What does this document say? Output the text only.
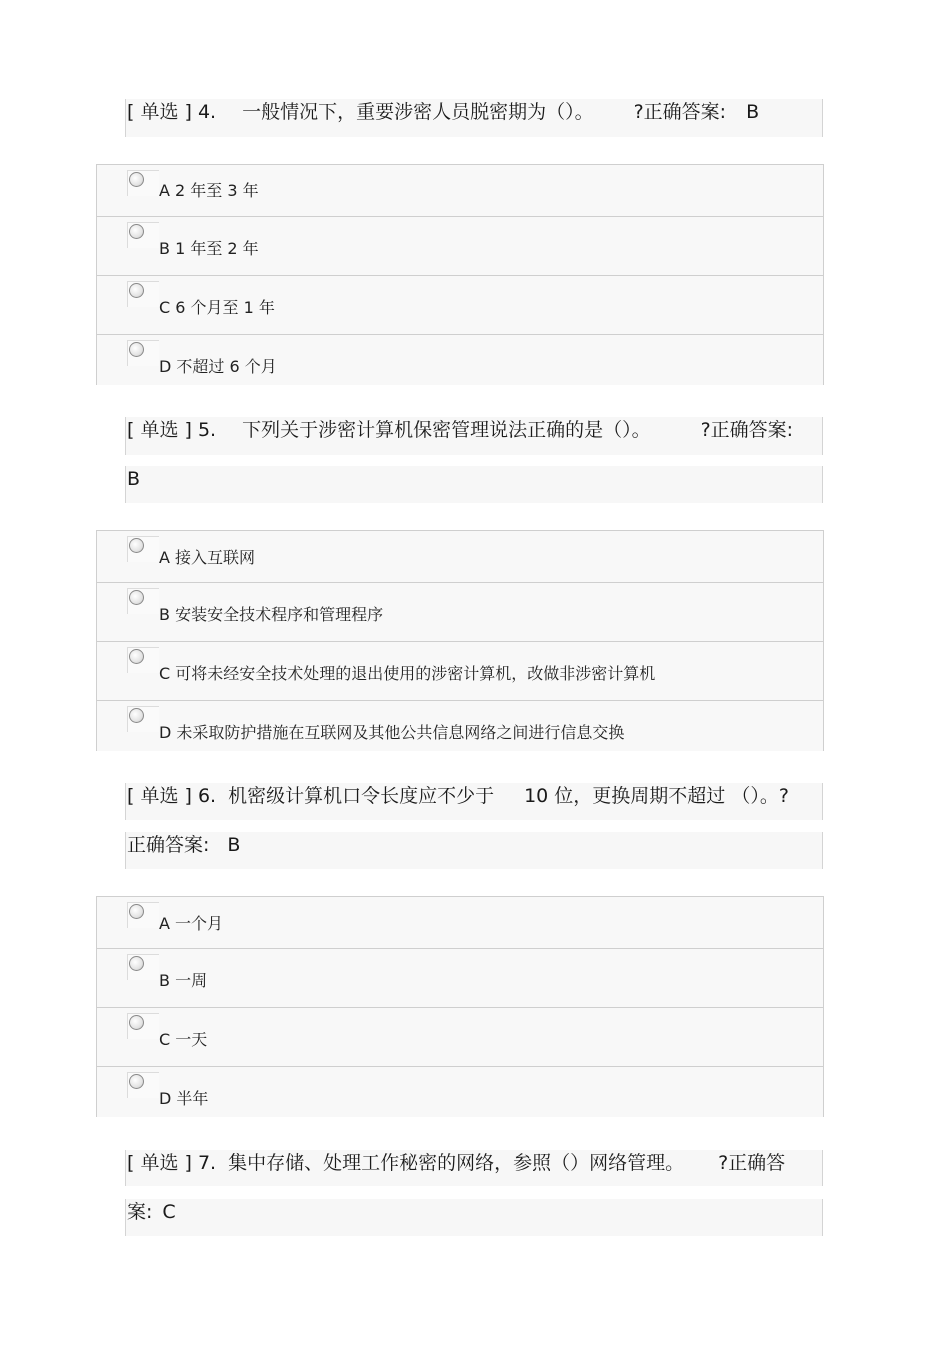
[ 单选 ] 4. 一般情况下，重要涉密人员脱密期为（）。 ?正确答案: B
A 2 年至 3 年
B 1 年至 2 年
C 6 个月至 1 年
D 不超过 6 个月
[ 单选 ] 5. 下列关于涉密计算机保密管理说法正确的是（）。	?正确答案:
B
A 接入互联网
B 安装安全技术程序和管理程序
C 可将未经安全技术处理的退出使用的涉密计算机，改做非涉密计算机
D 未采取防护措施在互联网及其他公共信息网络之间进行信息交换
[ 单选 ] 6. 机密级计算机口令长度应不少于 10 位，更换周期不超过 （）。?
正确答案: B
A 一个月
B 一周
C 一天
D 半年
[ 单选 ] 7. 集中存储、处理工作秘密的网络，参照（）网络管理。 ?正确答
案: C
